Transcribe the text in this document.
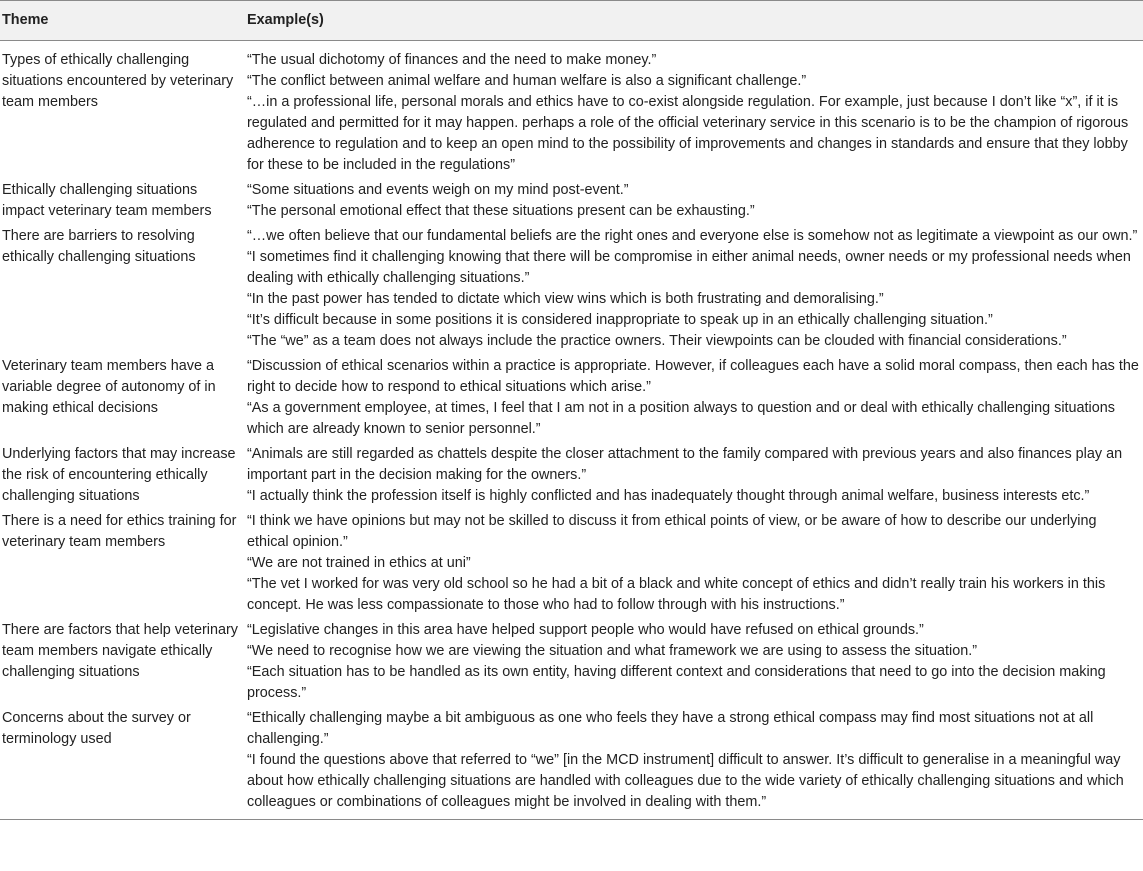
Theme	Example(s)
Types of ethically challenging situations encountered by veterinary team members	“The usual dichotomy of finances and the need to make money.”
“The conflict between animal welfare and human welfare is also a significant challenge.”
“…in a professional life, personal morals and ethics have to co-exist alongside regulation. For example, just because I don’t like “x”, if it is regulated and permitted for it may happen. perhaps a role of the official veterinary service in this scenario is to be the champion of rigorous adherence to regulation and to keep an open mind to the possibility of improvements and changes in standards and ensure that they lobby for these to be included in the regulations”

Ethically challenging situations impact veterinary team members	“Some situations and events weigh on my mind post-event.”
“The personal emotional effect that these situations present can be exhausting.”

There are barriers to resolving ethically challenging situations	“…we often believe that our fundamental beliefs are the right ones and everyone else is somehow not as legitimate a viewpoint as our own.”
“I sometimes find it challenging knowing that there will be compromise in either animal needs, owner needs or my professional needs when dealing with ethically challenging situations.”
“In the past power has tended to dictate which view wins which is both frustrating and demoralising.”
“It’s difficult because in some positions it is considered inappropriate to speak up in an ethically challenging situation.”
“The “we” as a team does not always include the practice owners. Their viewpoints can be clouded with financial considerations.”

Veterinary team members have a variable degree of autonomy of in making ethical decisions	“Discussion of ethical scenarios within a practice is appropriate. However, if colleagues each have a solid moral compass, then each has the right to decide how to respond to ethical situations which arise.”
“As a government employee, at times, I feel that I am not in a position always to question and or deal with ethically challenging situations which are already known to senior personnel.”

Underlying factors that may increase the risk of encountering ethically challenging situations	“Animals are still regarded as chattels despite the closer attachment to the family compared with previous years and also finances play an important part in the decision making for the owners.”
“I actually think the profession itself is highly conflicted and has inadequately thought through animal welfare, business interests etc.”

There is a need for ethics training for veterinary team members	“I think we have opinions but may not be skilled to discuss it from ethical points of view, or be aware of how to describe our underlying ethical opinion.”
“We are not trained in ethics at uni”
“The vet I worked for was very old school so he had a bit of a black and white concept of ethics and didn’t really train his workers in this concept. He was less compassionate to those who had to follow through with his instructions.”

There are factors that help veterinary team members navigate ethically challenging situations	“Legislative changes in this area have helped support people who would have refused on ethical grounds.”
“We need to recognise how we are viewing the situation and what framework we are using to assess the situation.”
“Each situation has to be handled as its own entity, having different context and considerations that need to go into the decision making process.”

Concerns about the survey or terminology used	“Ethically challenging maybe a bit ambiguous as one who feels they have a strong ethical compass may find most situations not at all challenging.”
“I found the questions above that referred to “we” [in the MCD instrument] difficult to answer. It’s difficult to generalise in a meaningful way about how ethically challenging situations are handled with colleagues due to the wide variety of ethically challenging situations and which colleagues or combinations of colleagues might be involved in dealing with them.”
